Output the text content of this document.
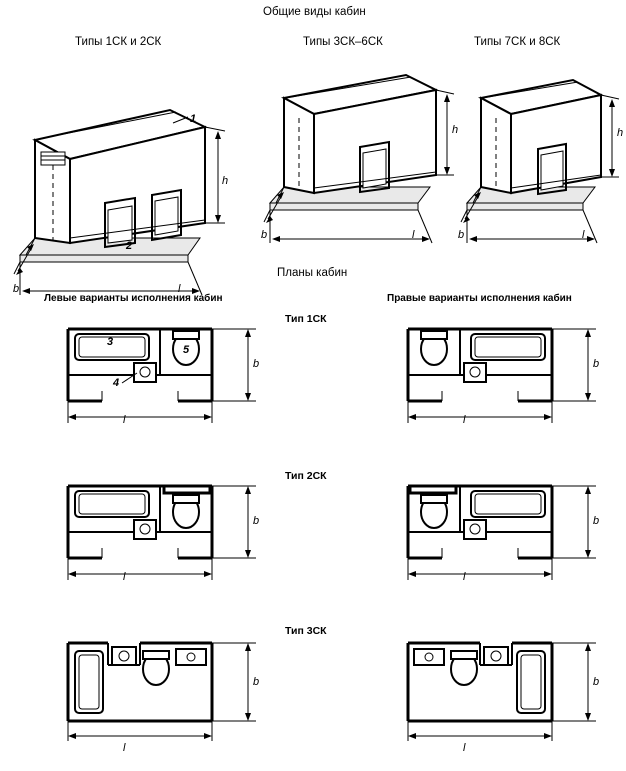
Общие виды кабин
Типы 1СК и 2СК	Типы 3СК–6СК	Типы 7СК и 8СК
1
2
h
b	l
h
b	l
h
b	l
Планы кабин
Левые варианты исполнения кабин	Правые варианты исполнения кабин
Тип 1СК
3
5
4
b
l
b
l
Тип 2СК
b
l
b
l
Тип 3СК
b
l
b
l
